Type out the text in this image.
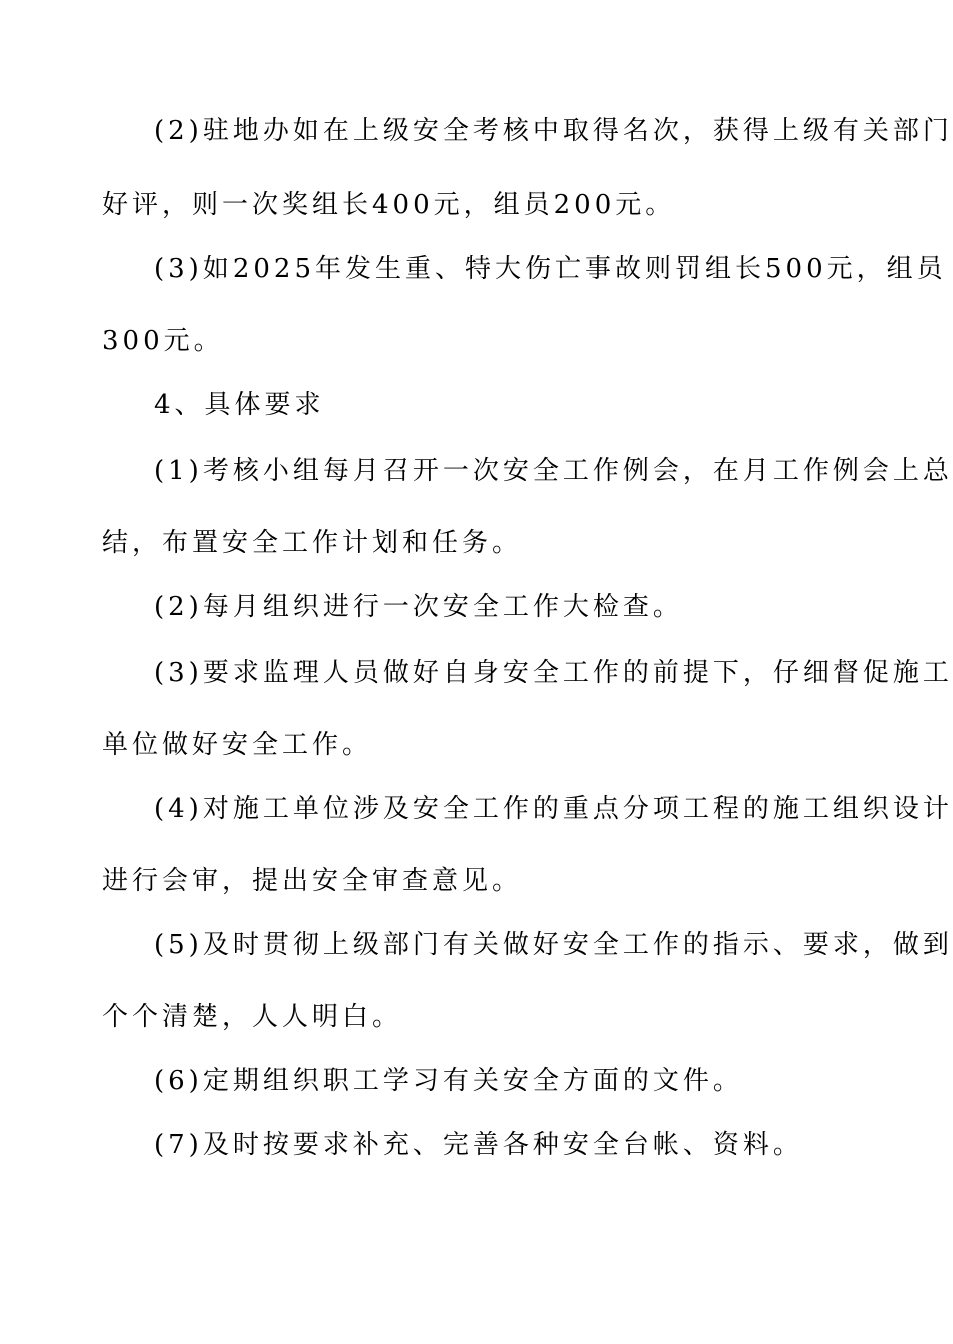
(2)驻地办如在上级安全考核中取得名次，获得上级有关部门
好评，则一次奖组长400元，组员200元。
(3)如2025年发生重、特大伤亡事故则罚组长500元，组员
300元。
4、具体要求
(1)考核小组每月召开一次安全工作例会，在月工作例会上总
结，布置安全工作计划和任务。
(2)每月组织进行一次安全工作大检查。
(3)要求监理人员做好自身安全工作的前提下，仔细督促施工
单位做好安全工作。
(4)对施工单位涉及安全工作的重点分项工程的施工组织设计
进行会审，提出安全审查意见。
(5)及时贯彻上级部门有关做好安全工作的指示、要求，做到
个个清楚，人人明白。
(6)定期组织职工学习有关安全方面的文件。
(7)及时按要求补充、完善各种安全台帐、资料。
